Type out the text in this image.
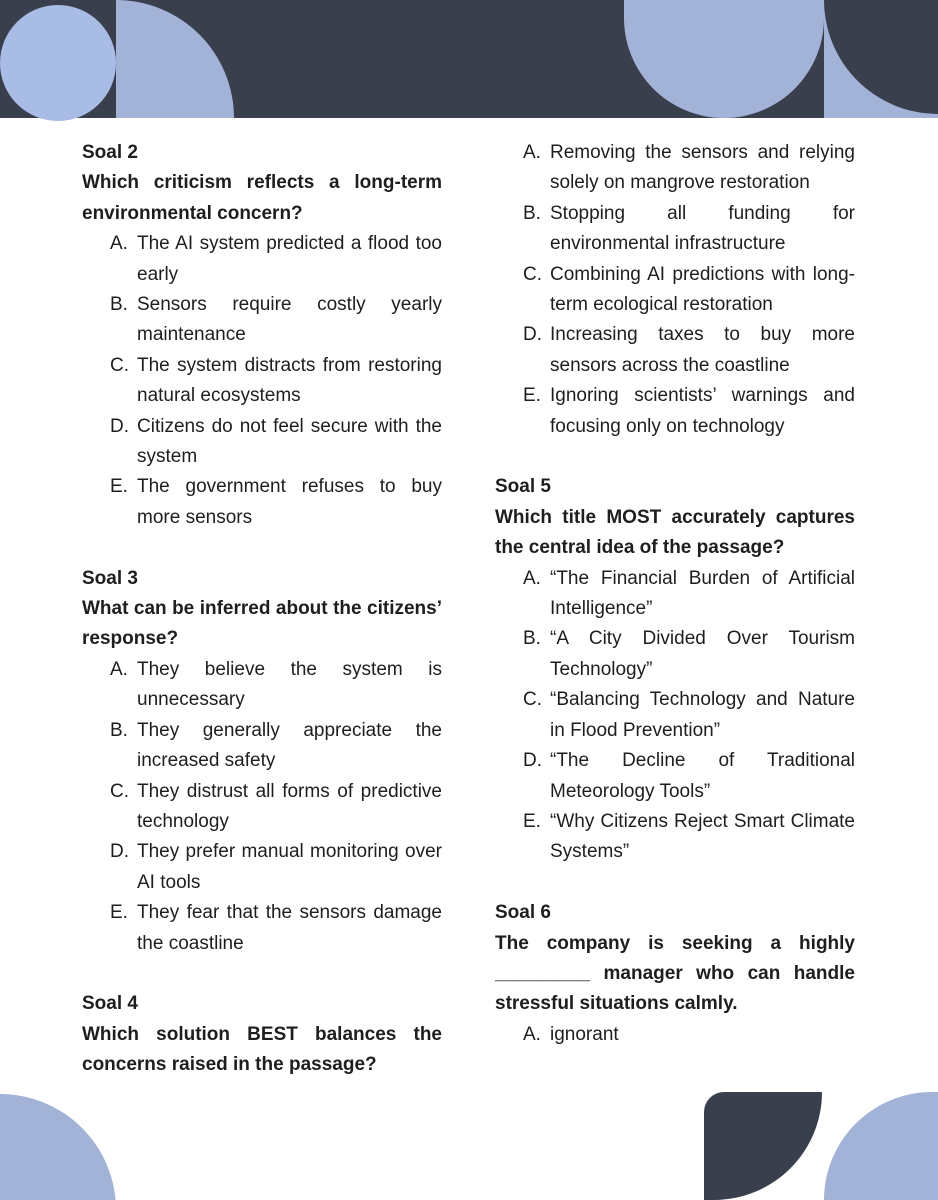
Soal 2
Which criticism reflects a long-term environmental concern?
A. The AI system predicted a flood too early
B. Sensors require costly yearly maintenance
C. The system distracts from restoring natural ecosystems
D. Citizens do not feel secure with the system
E. The government refuses to buy more sensors
Soal 3
What can be inferred about the citizens’ response?
A. They believe the system is unnecessary
B. They generally appreciate the increased safety
C. They distrust all forms of predictive technology
D. They prefer manual monitoring over AI tools
E. They fear that the sensors damage the coastline
Soal 4
Which solution BEST balances the concerns raised in the passage?
A. Removing the sensors and relying solely on mangrove restoration
B. Stopping all funding for environmental infrastructure
C. Combining AI predictions with long-term ecological restoration
D. Increasing taxes to buy more sensors across the coastline
E. Ignoring scientists’ warnings and focusing only on technology
Soal 5
Which title MOST accurately captures the central idea of the passage?
A. “The Financial Burden of Artificial Intelligence”
B. “A City Divided Over Tourism Technology”
C. “Balancing Technology and Nature in Flood Prevention”
D. “The Decline of Traditional Meteorology Tools”
E. “Why Citizens Reject Smart Climate Systems”
Soal 6
The company is seeking a highly _________ manager who can handle stressful situations calmly.
A. ignorant
